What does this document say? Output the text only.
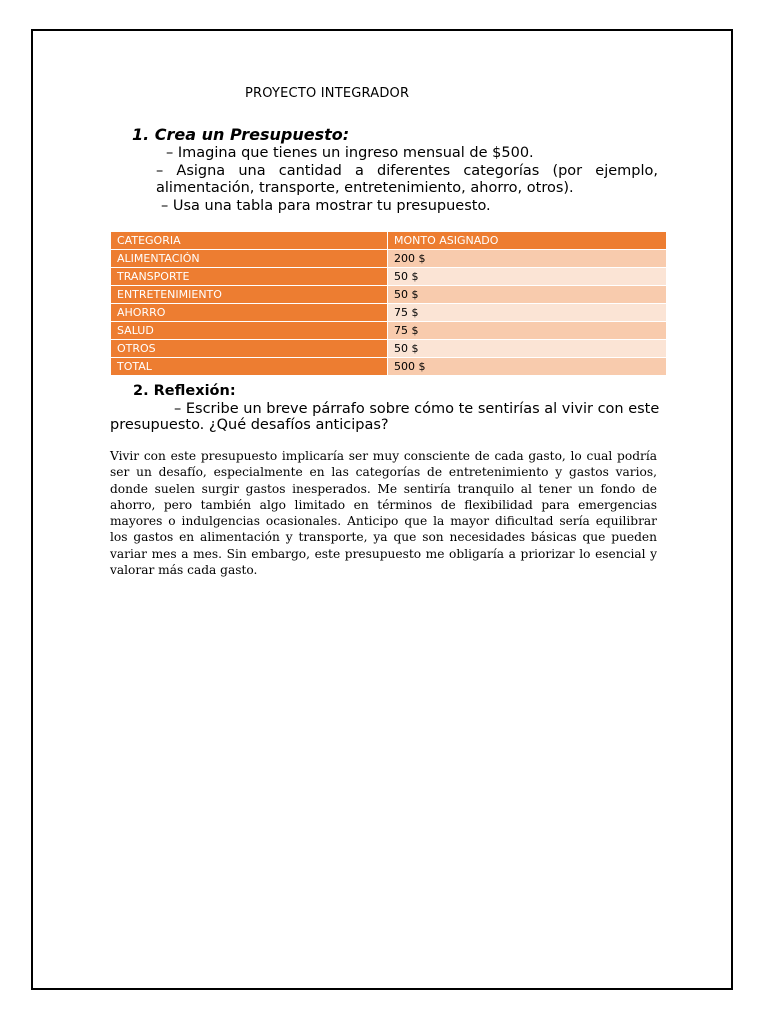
PROYECTO INTEGRADOR
1. Crea un Presupuesto:
– Imagina que tienes un ingreso mensual de $500.
– Asigna una cantidad a diferentes categorías (por ejemplo,
alimentación, transporte, entretenimiento, ahorro, otros).
– Usa una tabla para mostrar tu presupuesto.
CATEGORIA	MONTO ASIGNADO
ALIMENTACIÓN	200 $
TRANSPORTE	50 $
ENTRETENIMIENTO	50 $
AHORRO	75 $
SALUD	75 $
OTROS	50 $
TOTAL	500 $
2. Reflexión:
– Escribe un breve párrafo sobre cómo te sentirías al vivir con este
presupuesto. ¿Qué desafíos anticipas?
Vivir con este presupuesto implicaría ser muy consciente de cada gasto, lo cual podría ser un desafío, especialmente en las categorías de entretenimiento y gastos varios, donde suelen surgir gastos inesperados. Me sentiría tranquilo al tener un fondo de ahorro, pero también algo limitado en términos de flexibilidad para emergencias mayores o indulgencias ocasionales. Anticipo que la mayor dificultad sería equilibrar los gastos en alimentación y transporte, ya que son necesidades básicas que pueden variar mes a mes. Sin embargo, este presupuesto me obligaría a priorizar lo esencial y valorar más cada gasto.
